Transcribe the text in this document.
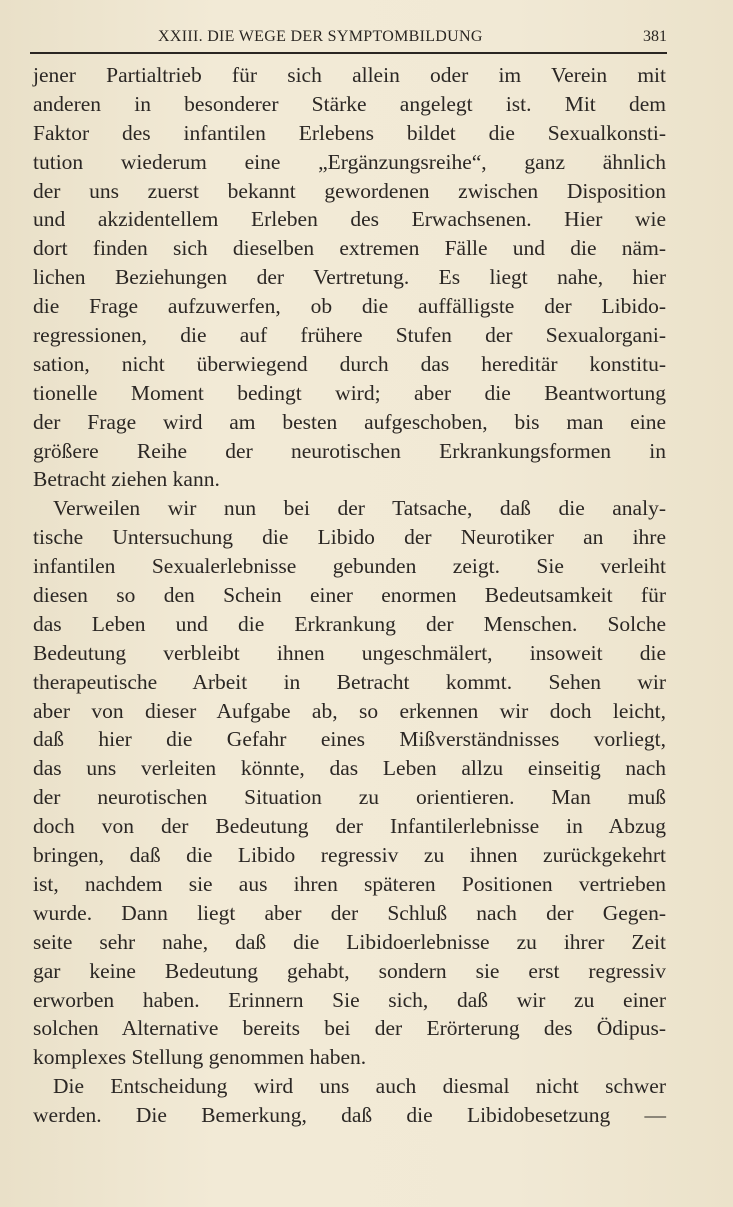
XXIII. DIE WEGE DER SYMPTOMBILDUNG	381
jener Partialtrieb für sich allein oder im Verein mit
anderen in besonderer Stärke angelegt ist. Mit dem
Faktor des infantilen Erlebens bildet die Sexualkonsti-
tution wiederum eine „Ergänzungsreihe“, ganz ähnlich
der uns zuerst bekannt gewordenen zwischen Disposition
und akzidentellem Erleben des Erwachsenen. Hier wie
dort finden sich dieselben extremen Fälle und die näm-
lichen Beziehungen der Vertretung. Es liegt nahe, hier
die Frage aufzuwerfen, ob die auffälligste der Libido-
regressionen, die auf frühere Stufen der Sexualorgani-
sation, nicht überwiegend durch das hereditär konstitu-
tionelle Moment bedingt wird; aber die Beantwortung
der Frage wird am besten aufgeschoben, bis man eine
größere Reihe der neurotischen Erkrankungsformen in
Betracht ziehen kann.
Verweilen wir nun bei der Tatsache, daß die analy-
tische Untersuchung die Libido der Neurotiker an ihre
infantilen Sexualerlebnisse gebunden zeigt. Sie verleiht
diesen so den Schein einer enormen Bedeutsamkeit für
das Leben und die Erkrankung der Menschen. Solche
Bedeutung verbleibt ihnen ungeschmälert, insoweit die
therapeutische Arbeit in Betracht kommt. Sehen wir
aber von dieser Aufgabe ab, so erkennen wir doch leicht,
daß hier die Gefahr eines Mißverständnisses vorliegt,
das uns verleiten könnte, das Leben allzu einseitig nach
der neurotischen Situation zu orientieren. Man muß
doch von der Bedeutung der Infantilerlebnisse in Abzug
bringen, daß die Libido regressiv zu ihnen zurückgekehrt
ist, nachdem sie aus ihren späteren Positionen vertrieben
wurde. Dann liegt aber der Schluß nach der Gegen-
seite sehr nahe, daß die Libidoerlebnisse zu ihrer Zeit
gar keine Bedeutung gehabt, sondern sie erst regressiv
erworben haben. Erinnern Sie sich, daß wir zu einer
solchen Alternative bereits bei der Erörterung des Ödipus-
komplexes Stellung genommen haben.
Die Entscheidung wird uns auch diesmal nicht schwer
werden. Die Bemerkung, daß die Libidobesetzung —
